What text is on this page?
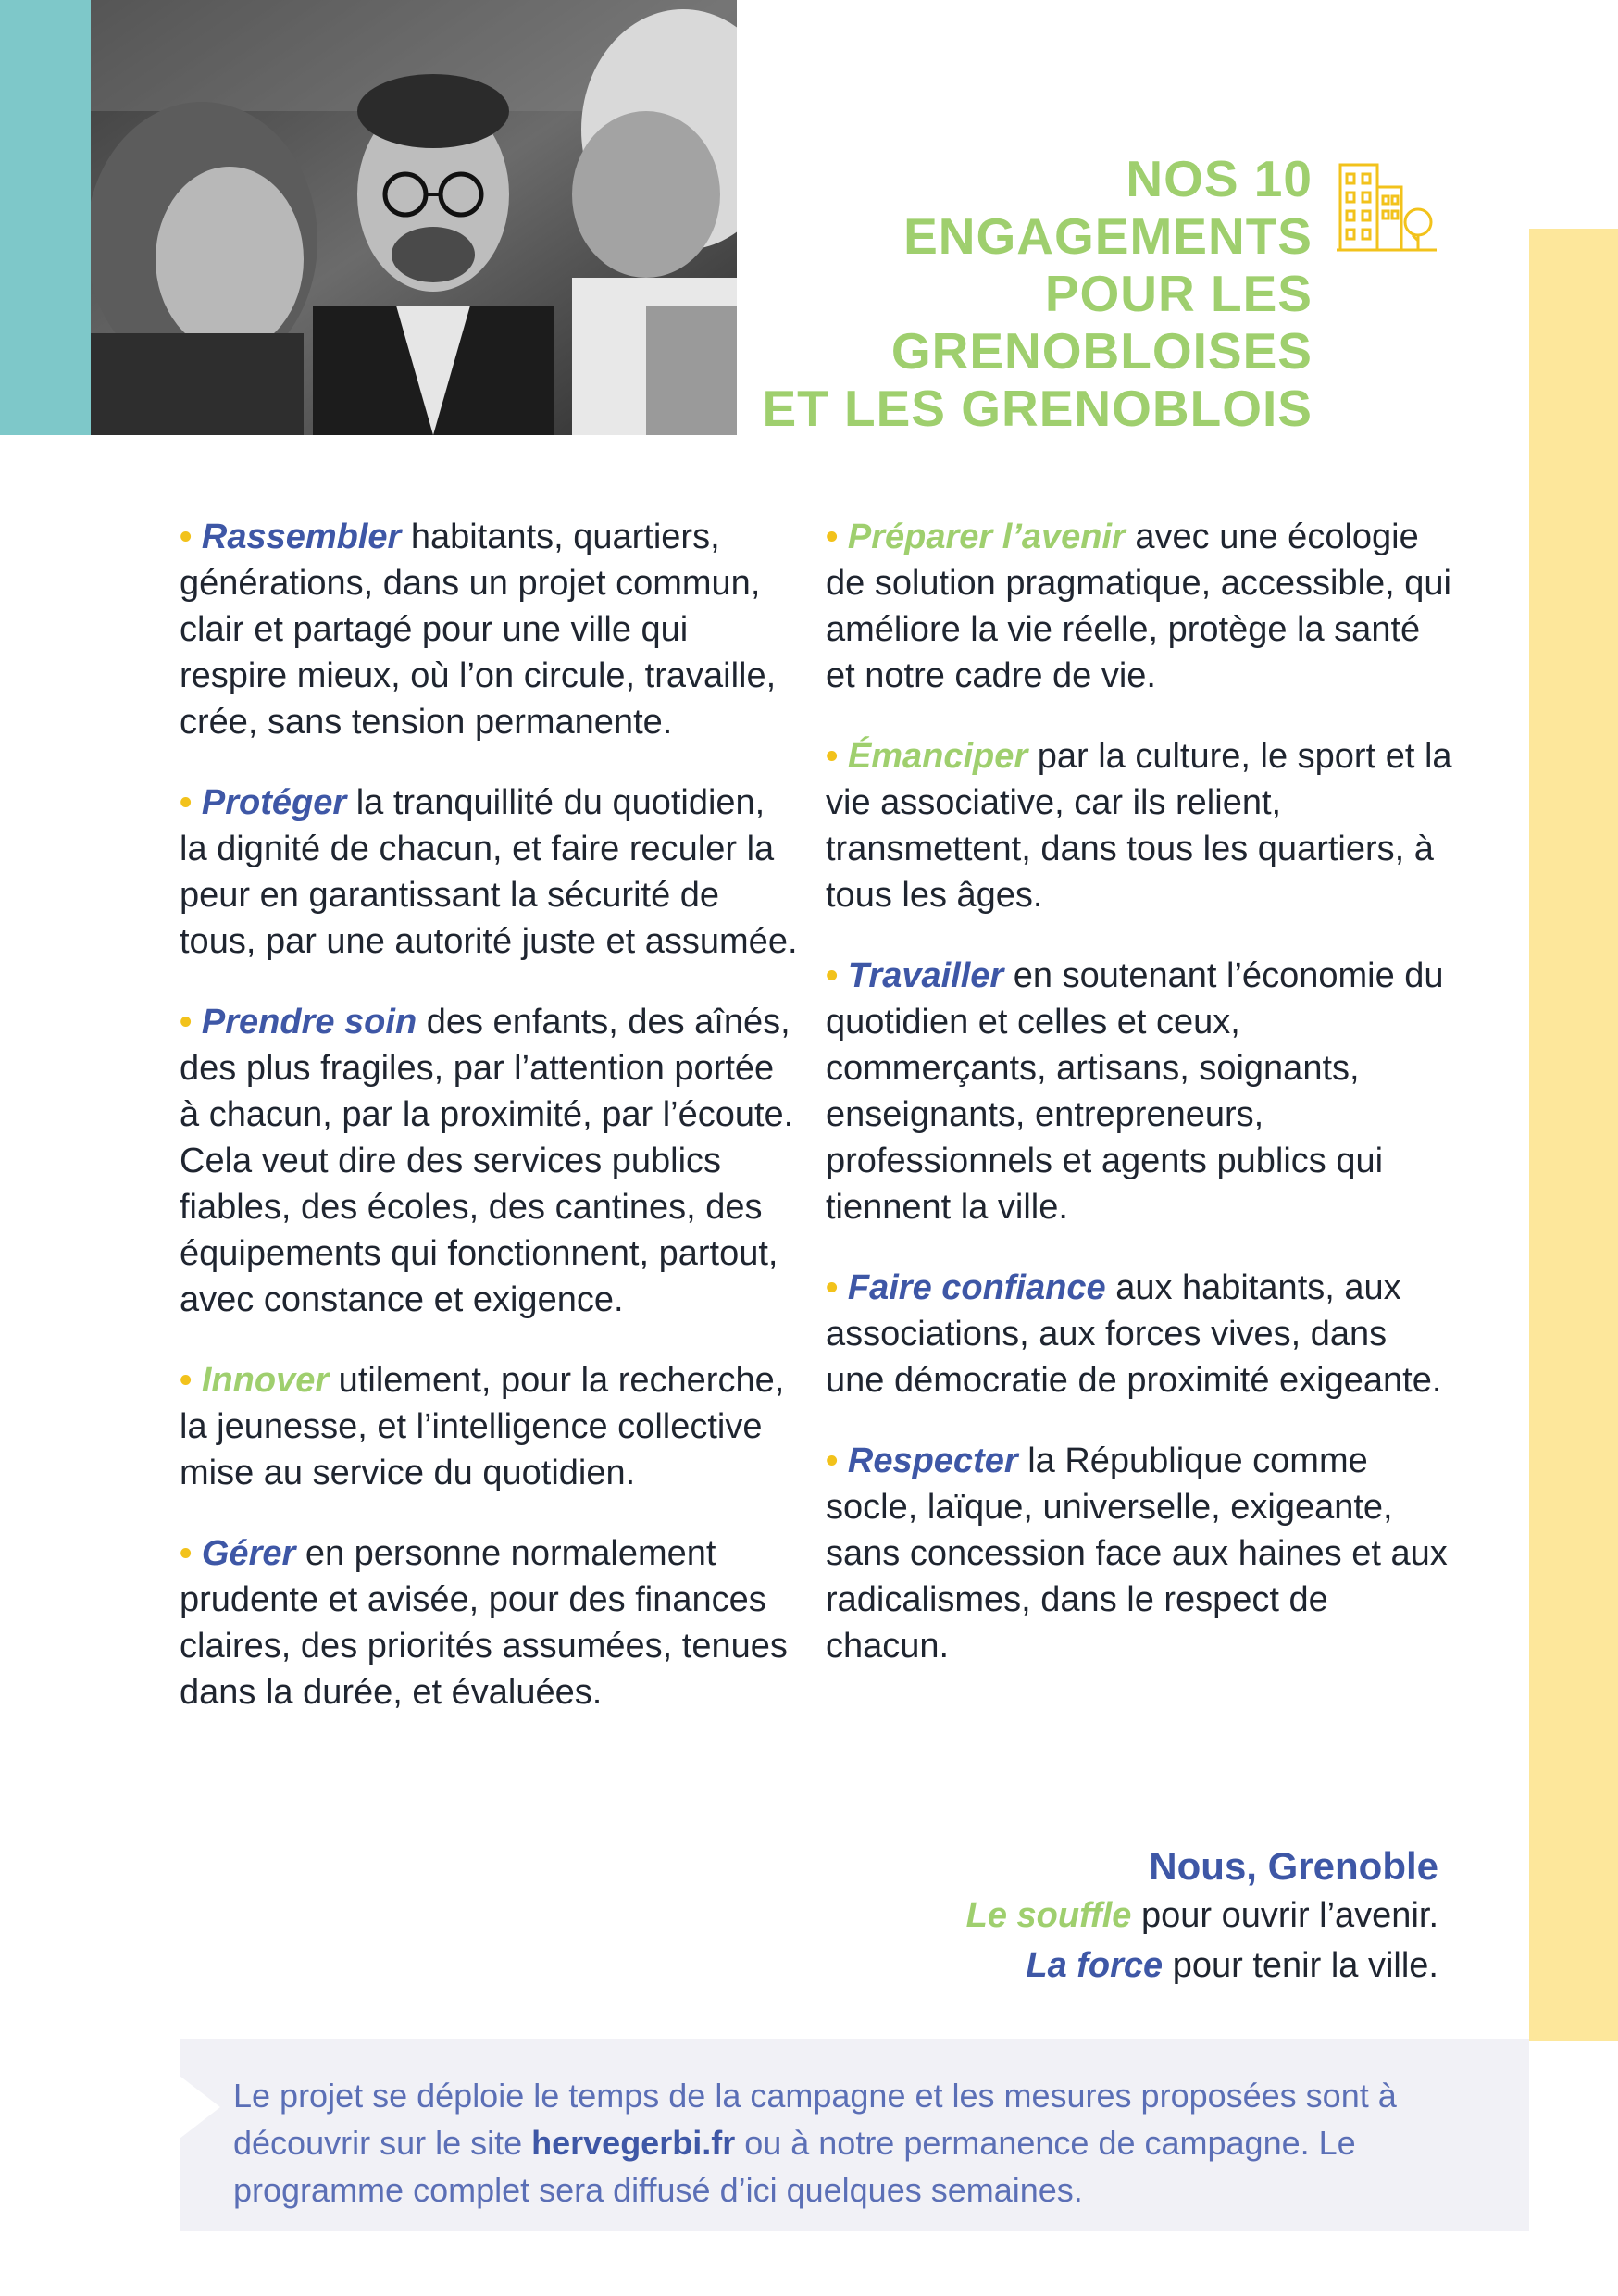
NOS 10
ENGAGEMENTS
POUR LES
GRENOBLOISES
ET LES GRENOBLOIS

• Rassembler habitants, quartiers, générations, dans un projet commun, clair et partagé pour une ville qui respire mieux, où l’on circule, travaille, crée, sans tension permanente.

• Protéger la tranquillité du quotidien, la dignité de chacun, et faire reculer la peur en garantissant la sécurité de tous, par une autorité juste et assumée.

• Prendre soin des enfants, des aînés, des plus fragiles, par l’attention portée à chacun, par la proximité, par l’écoute. Cela veut dire des services publics fiables, des écoles, des cantines, des équipements qui fonctionnent, partout, avec constance et exigence.

• Innover utilement, pour la recherche, la jeunesse, et l’intelligence collective mise au service du quotidien.

• Gérer en personne normalement prudente et avisée, pour des finances claires, des priorités assumées, tenues dans la durée, et évaluées.

• Préparer l’avenir avec une écologie de solution pragmatique, accessible, qui améliore la vie réelle, protège la santé et notre cadre de vie.

• Émanciper par la culture, le sport et la vie associative, car ils relient, transmettent, dans tous les quartiers, à tous les âges.

• Travailler en soutenant l’économie du quotidien et celles et ceux, commerçants, artisans, soignants, enseignants, entrepreneurs, professionnels et agents publics qui tiennent la ville.

• Faire confiance aux habitants, aux associations, aux forces vives, dans une démocratie de proximité exigeante.

• Respecter la République comme socle, laïque, universelle, exigeante, sans concession face aux haines et aux radicalismes, dans le respect de chacun.

Nous, Grenoble
Le souffle pour ouvrir l’avenir.
La force pour tenir la ville.
Le projet se déploie le temps de la campagne et les mesures proposées sont à découvrir sur le site hervegerbi.fr ou à notre permanence de campagne. Le programme complet sera diffusé d’ici quelques semaines.
